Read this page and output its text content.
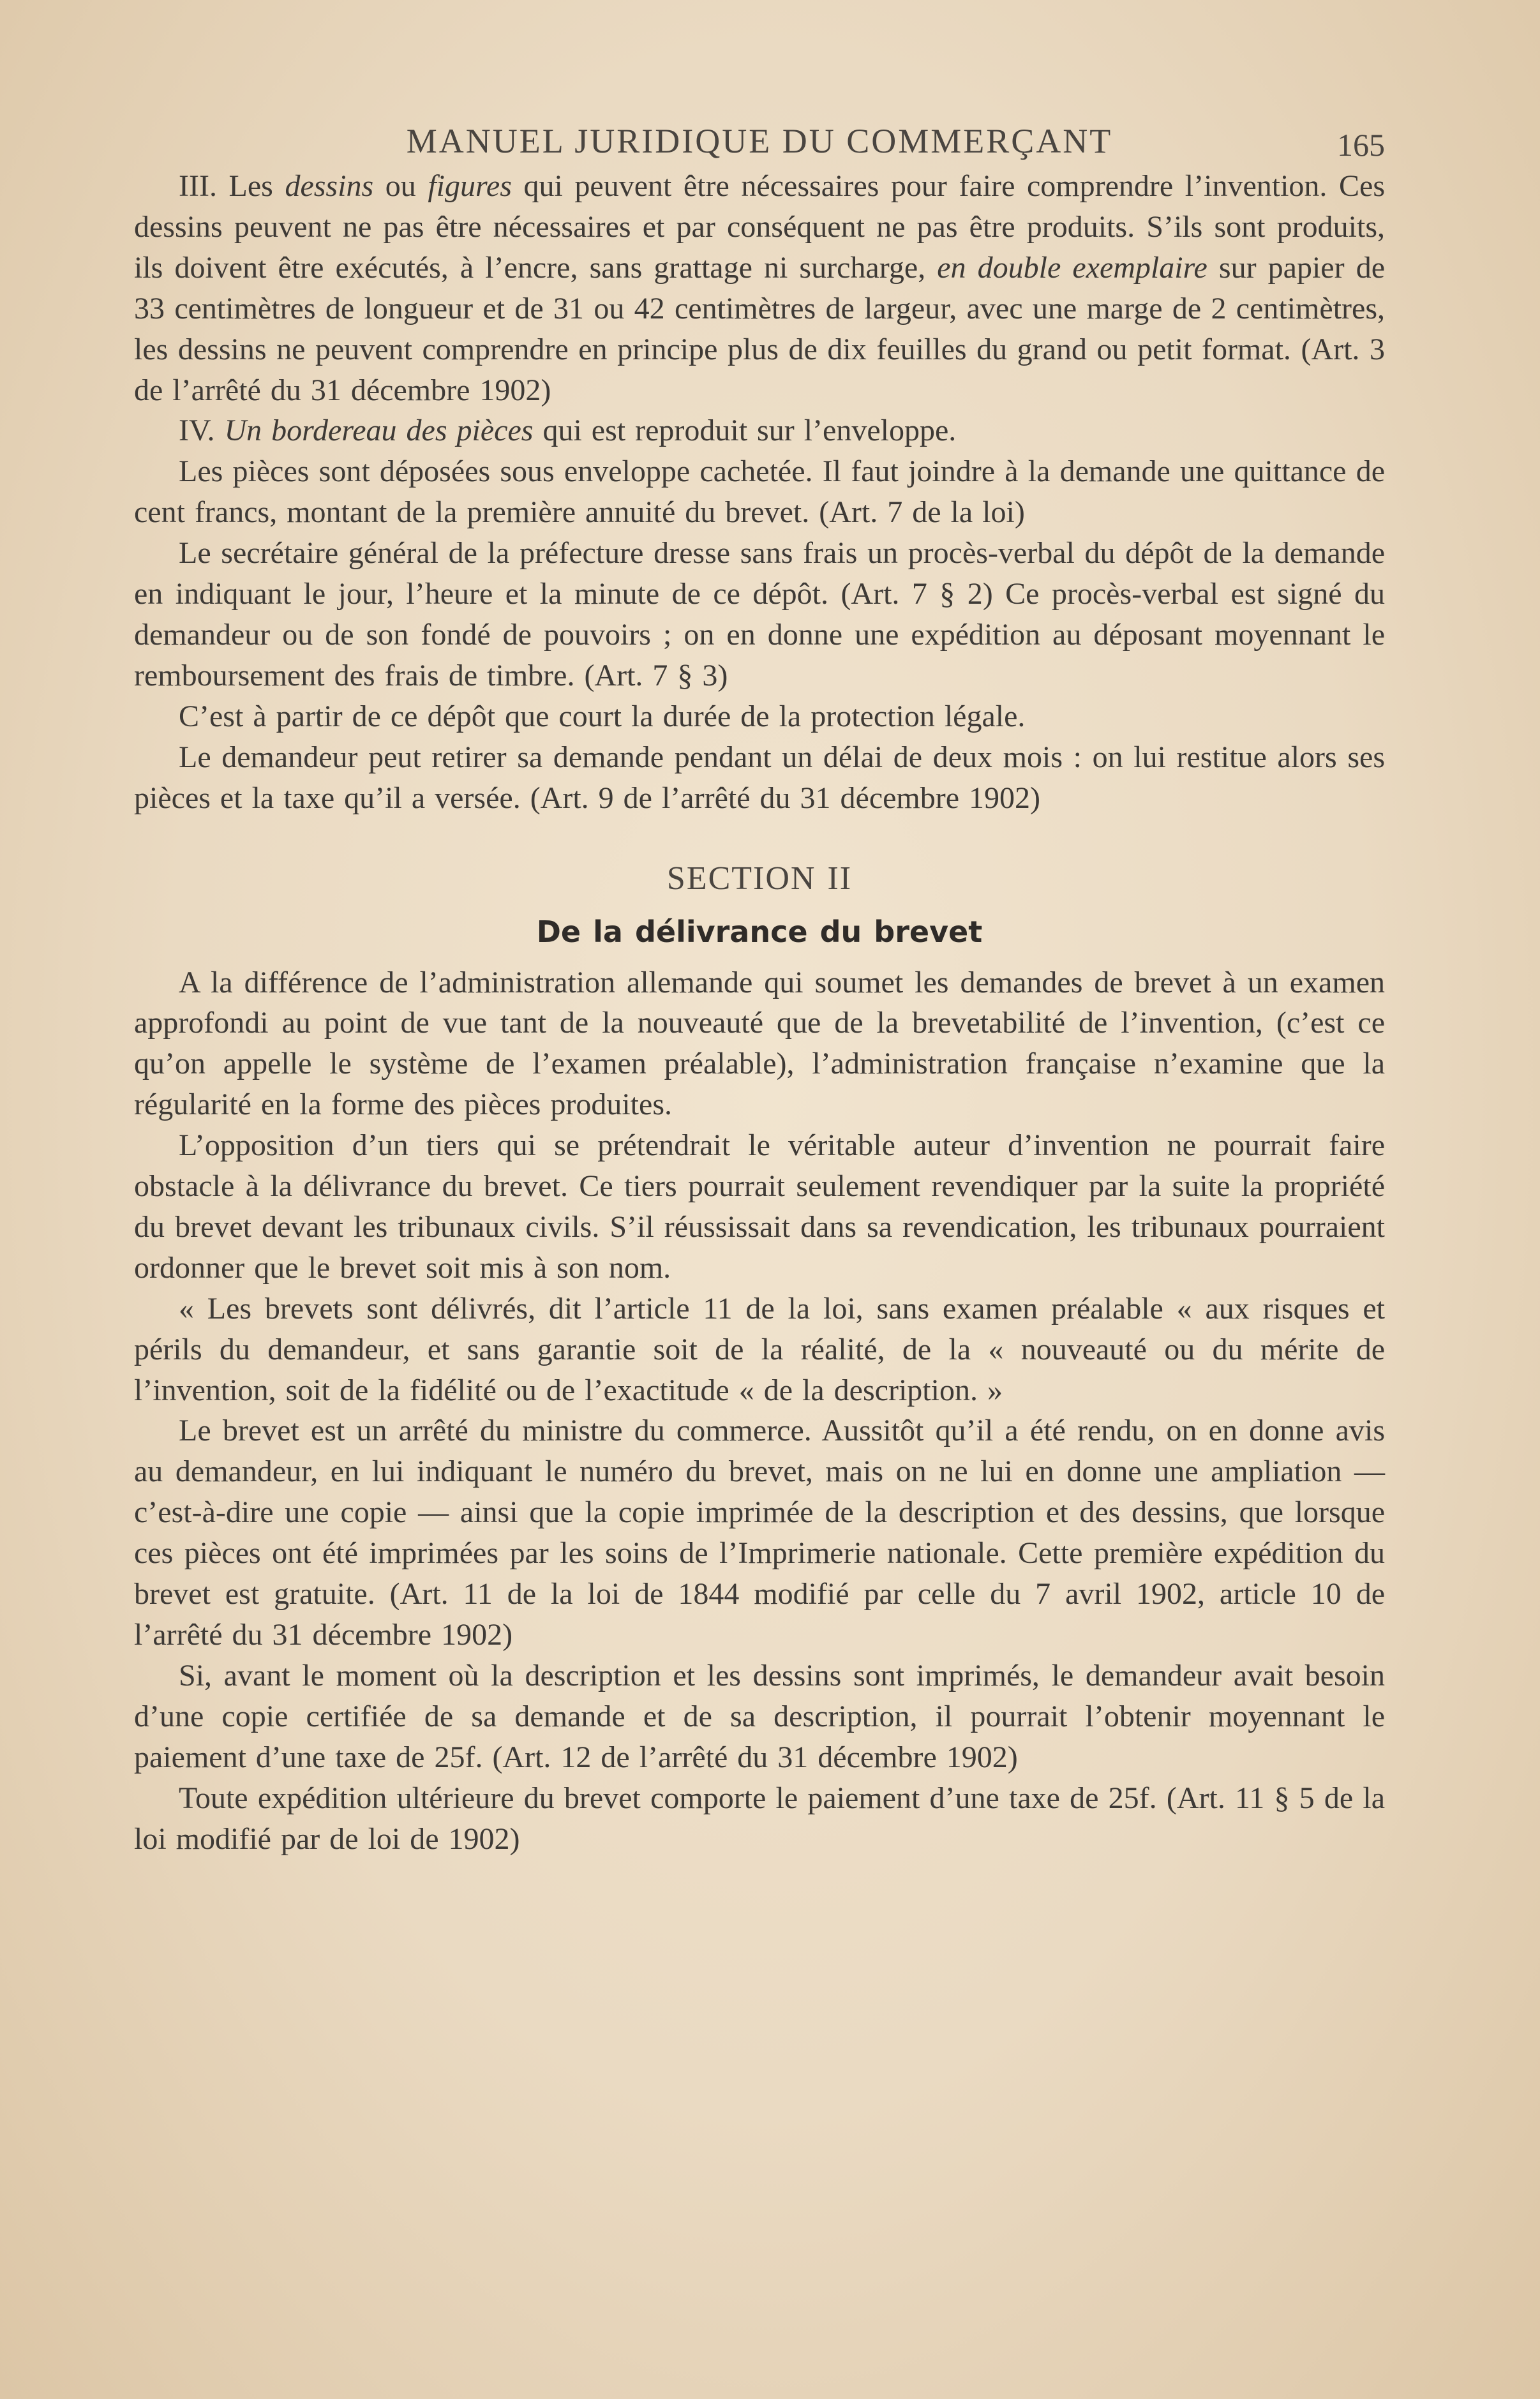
MANUEL JURIDIQUE DU COMMERÇANT	165

III. Les dessins ou figures qui peuvent être nécessaires pour faire comprendre l’invention. Ces dessins peuvent ne pas être nécessaires et par conséquent ne pas être produits. S’ils sont produits, ils doivent être exécutés, à l’encre, sans grattage ni surcharge, en double exemplaire sur papier de 33 centimètres de longueur et de 31 ou 42 centimètres de largeur, avec une marge de 2 centimètres, les dessins ne peuvent comprendre en principe plus de dix feuilles du grand ou petit format. (Art. 3 de l’arrêté du 31 décembre 1902)

IV. Un bordereau des pièces qui est reproduit sur l’enveloppe.

Les pièces sont déposées sous enveloppe cachetée. Il faut joindre à la demande une quittance de cent francs, montant de la première annuité du brevet. (Art. 7 de la loi)

Le secrétaire général de la préfecture dresse sans frais un procès-verbal du dépôt de la demande en indiquant le jour, l’heure et la minute de ce dépôt. (Art. 7 § 2) Ce procès-verbal est signé du demandeur ou de son fondé de pouvoirs ; on en donne une expédition au déposant moyennant le remboursement des frais de timbre. (Art. 7 § 3)

C’est à partir de ce dépôt que court la durée de la protection légale.

Le demandeur peut retirer sa demande pendant un délai de deux mois : on lui restitue alors ses pièces et la taxe qu’il a versée. (Art. 9 de l’arrêté du 31 décembre 1902)

SECTION II
De la délivrance du brevet

A la différence de l’administration allemande qui soumet les demandes de brevet à un examen approfondi au point de vue tant de la nouveauté que de la brevetabilité de l’invention, (c’est ce qu’on appelle le système de l’examen préalable), l’administration française n’examine que la régularité en la forme des pièces produites.

L’opposition d’un tiers qui se prétendrait le véritable auteur d’invention ne pourrait faire obstacle à la délivrance du brevet. Ce tiers pourrait seulement revendiquer par la suite la propriété du brevet devant les tribunaux civils. S’il réussissait dans sa revendication, les tribunaux pourraient ordonner que le brevet soit mis à son nom.

« Les brevets sont délivrés, dit l’article 11 de la loi, sans examen préalable « aux risques et périls du demandeur, et sans garantie soit de la réalité, de la « nouveauté ou du mérite de l’invention, soit de la fidélité ou de l’exactitude « de la description. »

Le brevet est un arrêté du ministre du commerce. Aussitôt qu’il a été rendu, on en donne avis au demandeur, en lui indiquant le numéro du brevet, mais on ne lui en donne une ampliation — c’est-à-dire une copie — ainsi que la copie imprimée de la description et des dessins, que lorsque ces pièces ont été imprimées par les soins de l’Imprimerie nationale. Cette première expédition du brevet est gratuite. (Art. 11 de la loi de 1844 modifié par celle du 7 avril 1902, article 10 de l’arrêté du 31 décembre 1902)

Si, avant le moment où la description et les dessins sont imprimés, le demandeur avait besoin d’une copie certifiée de sa demande et de sa description, il pourrait l’obtenir moyennant le paiement d’une taxe de 25f. (Art. 12 de l’arrêté du 31 décembre 1902)

Toute expédition ultérieure du brevet comporte le paiement d’une taxe de 25f. (Art. 11 § 5 de la loi modifié par de loi de 1902)
